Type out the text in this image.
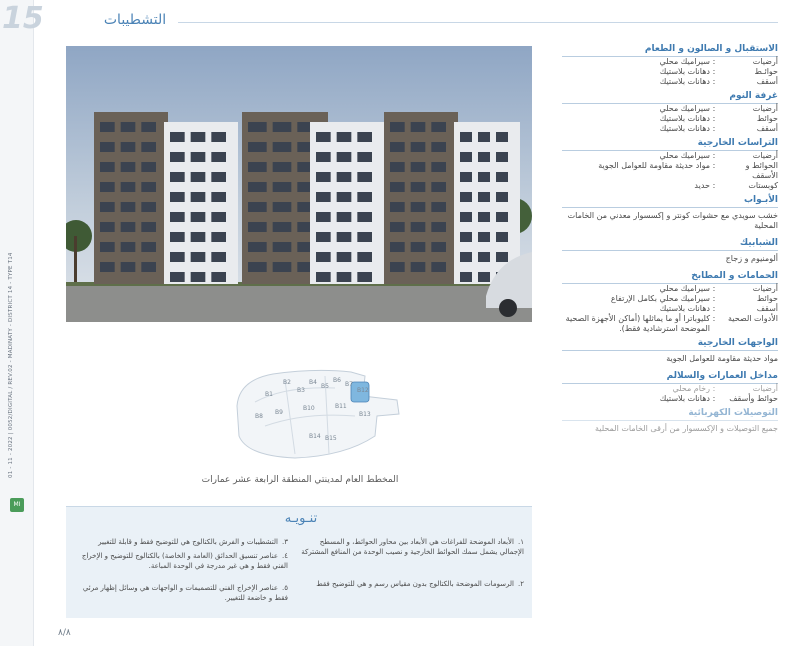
15
01 - 11 - 2022 | 0052/DIGITAL / REV.02 - MADINATY - DISTRICT 14 - TYPE T14
MI
التشطيبات
B1
B2
B3
B4
B5
B6
B7
B8
B9
B10	B11
B12
B13
B14 B15
المخطط العام لمدينتي المنطقة الرابعة عشر عمارات
تنـويـه
١.الأبعاد الموضحة للفراغات هي الأبعاد بين محاور الحوائط، و المسطح الإجمالي يشمل سمك الحوائط الخارجية و نصيب الوحدة من المنافع المشتركة
٢.الرسومات الموضحة بالكتالوج بدون مقياس رسم و هي للتوضيح فقط
٣.التشطيبات و الفرش بالكتالوج هي للتوضيح فقط و قابلة للتغيير
٤.عناصر تنسيق الحدائق (العامة و الخاصة) بالكتالوج للتوضيح و الإخراج الفني فقط و هي غير مدرجة في الوحدة المباعة.
٥.عناصر الإخراج الفني للتصميمات و الواجهات هي وسائل إظهار مرئي فقط و خاضعة للتغيير.
٨/٨
الاستقبال و الصالون و الطعام
أرضيات
:
سيراميك محلي
حوائـط
:
دهانات بلاستيك
أسقف
:
دهانات بلاستيك
غرفة النوم
أرضيات
:
سيراميك محلي
حوائط
:
دهانات بلاستيك
أسقف
:
دهانات بلاستيك
التراسات الخارجية
أرضيات
:
سيراميك محلي
الحوائط و الأسقف
:
مواد حديثة مقاومة للعوامل الجوية
كوبستات
:
حديد
الأبـواب
خشب سويدي مع حشوات كونتر و إكسسوار معدني من الخامات المحلية
الشبابيك
ألومنيوم و زجاج
الحمامات و المطابخ
أرضيات
:
سيراميك محلي
حوائط
:
سيراميك محلي بكامل الإرتفاع
أسقف
:
دهانات بلاستيك
الأدوات الصحية
:
كليوباترا أو ما يماثلها (أماكن الأجهزة الصحية الموضحة استرشادية فقط).
الواجهات الخارجية
مواد حديثة مقاومة للعوامل الجوية
مداخل العمارات والسلالم
أرضيات
:
رخام محلي
حوائط وأسقف
:
دهانات بلاستيك
التوصيلات الكهربائية
جميع التوصيلات و الإكسسوار من أرقى الخامات المحلية
